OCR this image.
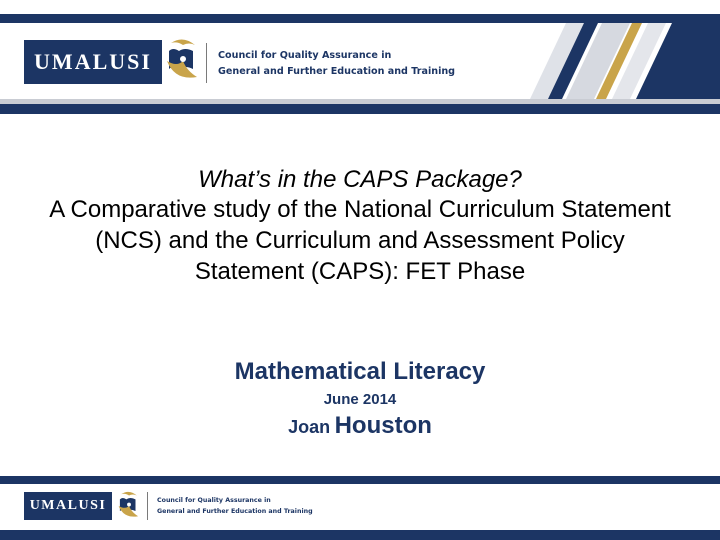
UMALUSI	Council for Quality Assurance in
General and Further Education and Training
What’s in the CAPS Package?
A Comparative study of the National Curriculum Statement (NCS) and the Curriculum and Assessment Policy Statement (CAPS): FET Phase
Mathematical Literacy
June 2014
Joan Houston
UMALUSI	Council for Quality Assurance in
General and Further Education and Training
